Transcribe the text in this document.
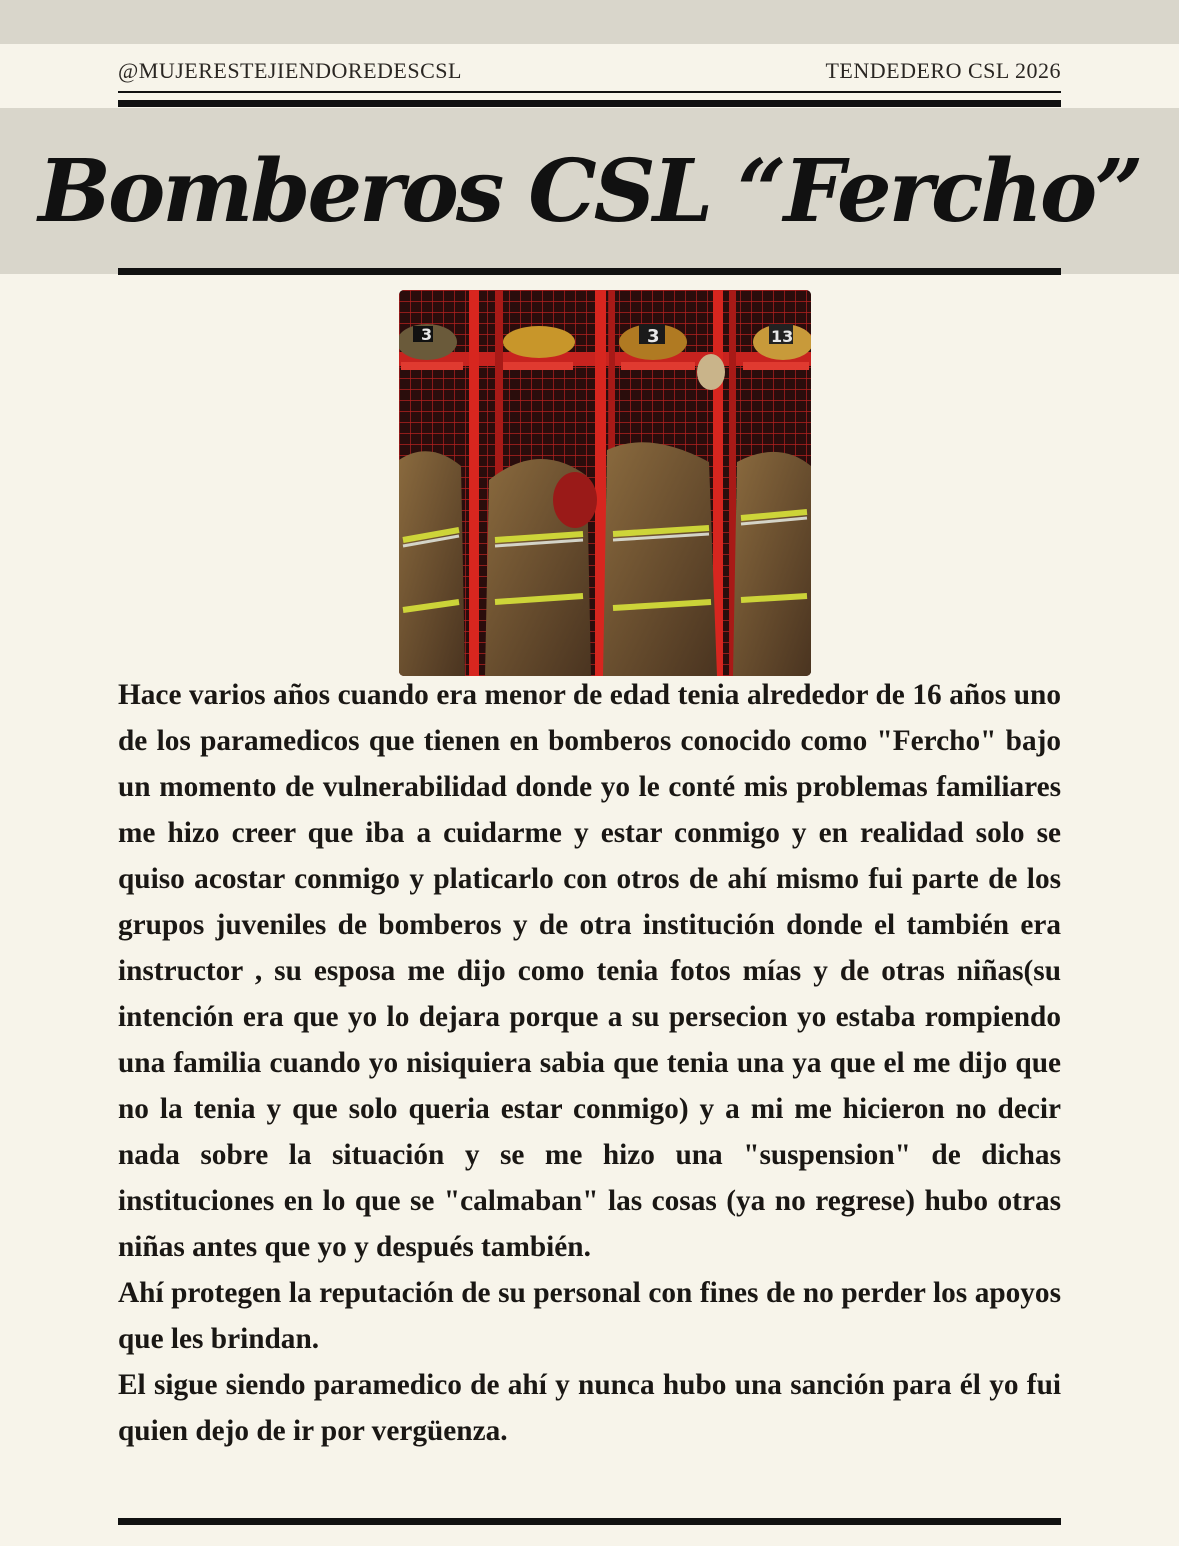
@MUJERESTEJIENDOREDESCSL	TENDEDERO CSL 2026
Bomberos CSL “Fercho”
3	3	13

Hace varios años cuando era menor de edad tenia alrededor de 16 años uno de los paramedicos que tienen en bomberos conocido como "Fercho" bajo un momento de vulnerabilidad donde yo le conté mis problemas familiares me hizo creer que iba a cuidarme y estar conmigo y en realidad solo se quiso acostar conmigo y platicarlo con otros de ahí mismo fui parte de los grupos juveniles de bomberos y de otra institución donde el también era instructor , su esposa me dijo como tenia fotos mías y de otras niñas(su intención era que yo lo dejara porque a su persecion yo estaba rompiendo una familia cuando yo nisiquiera sabia que tenia una ya que el me dijo que no la tenia y que solo queria estar conmigo) y a mi me hicieron no decir nada sobre la situación y se me hizo una "suspension" de dichas instituciones en lo que se "calmaban" las cosas (ya no regrese) hubo otras niñas antes que yo y después también.

Ahí protegen la reputación de su personal con fines de no perder los apoyos que les brindan.

El sigue siendo paramedico de ahí y nunca hubo una sanción para él yo fui quien dejo de ir por vergüenza.
